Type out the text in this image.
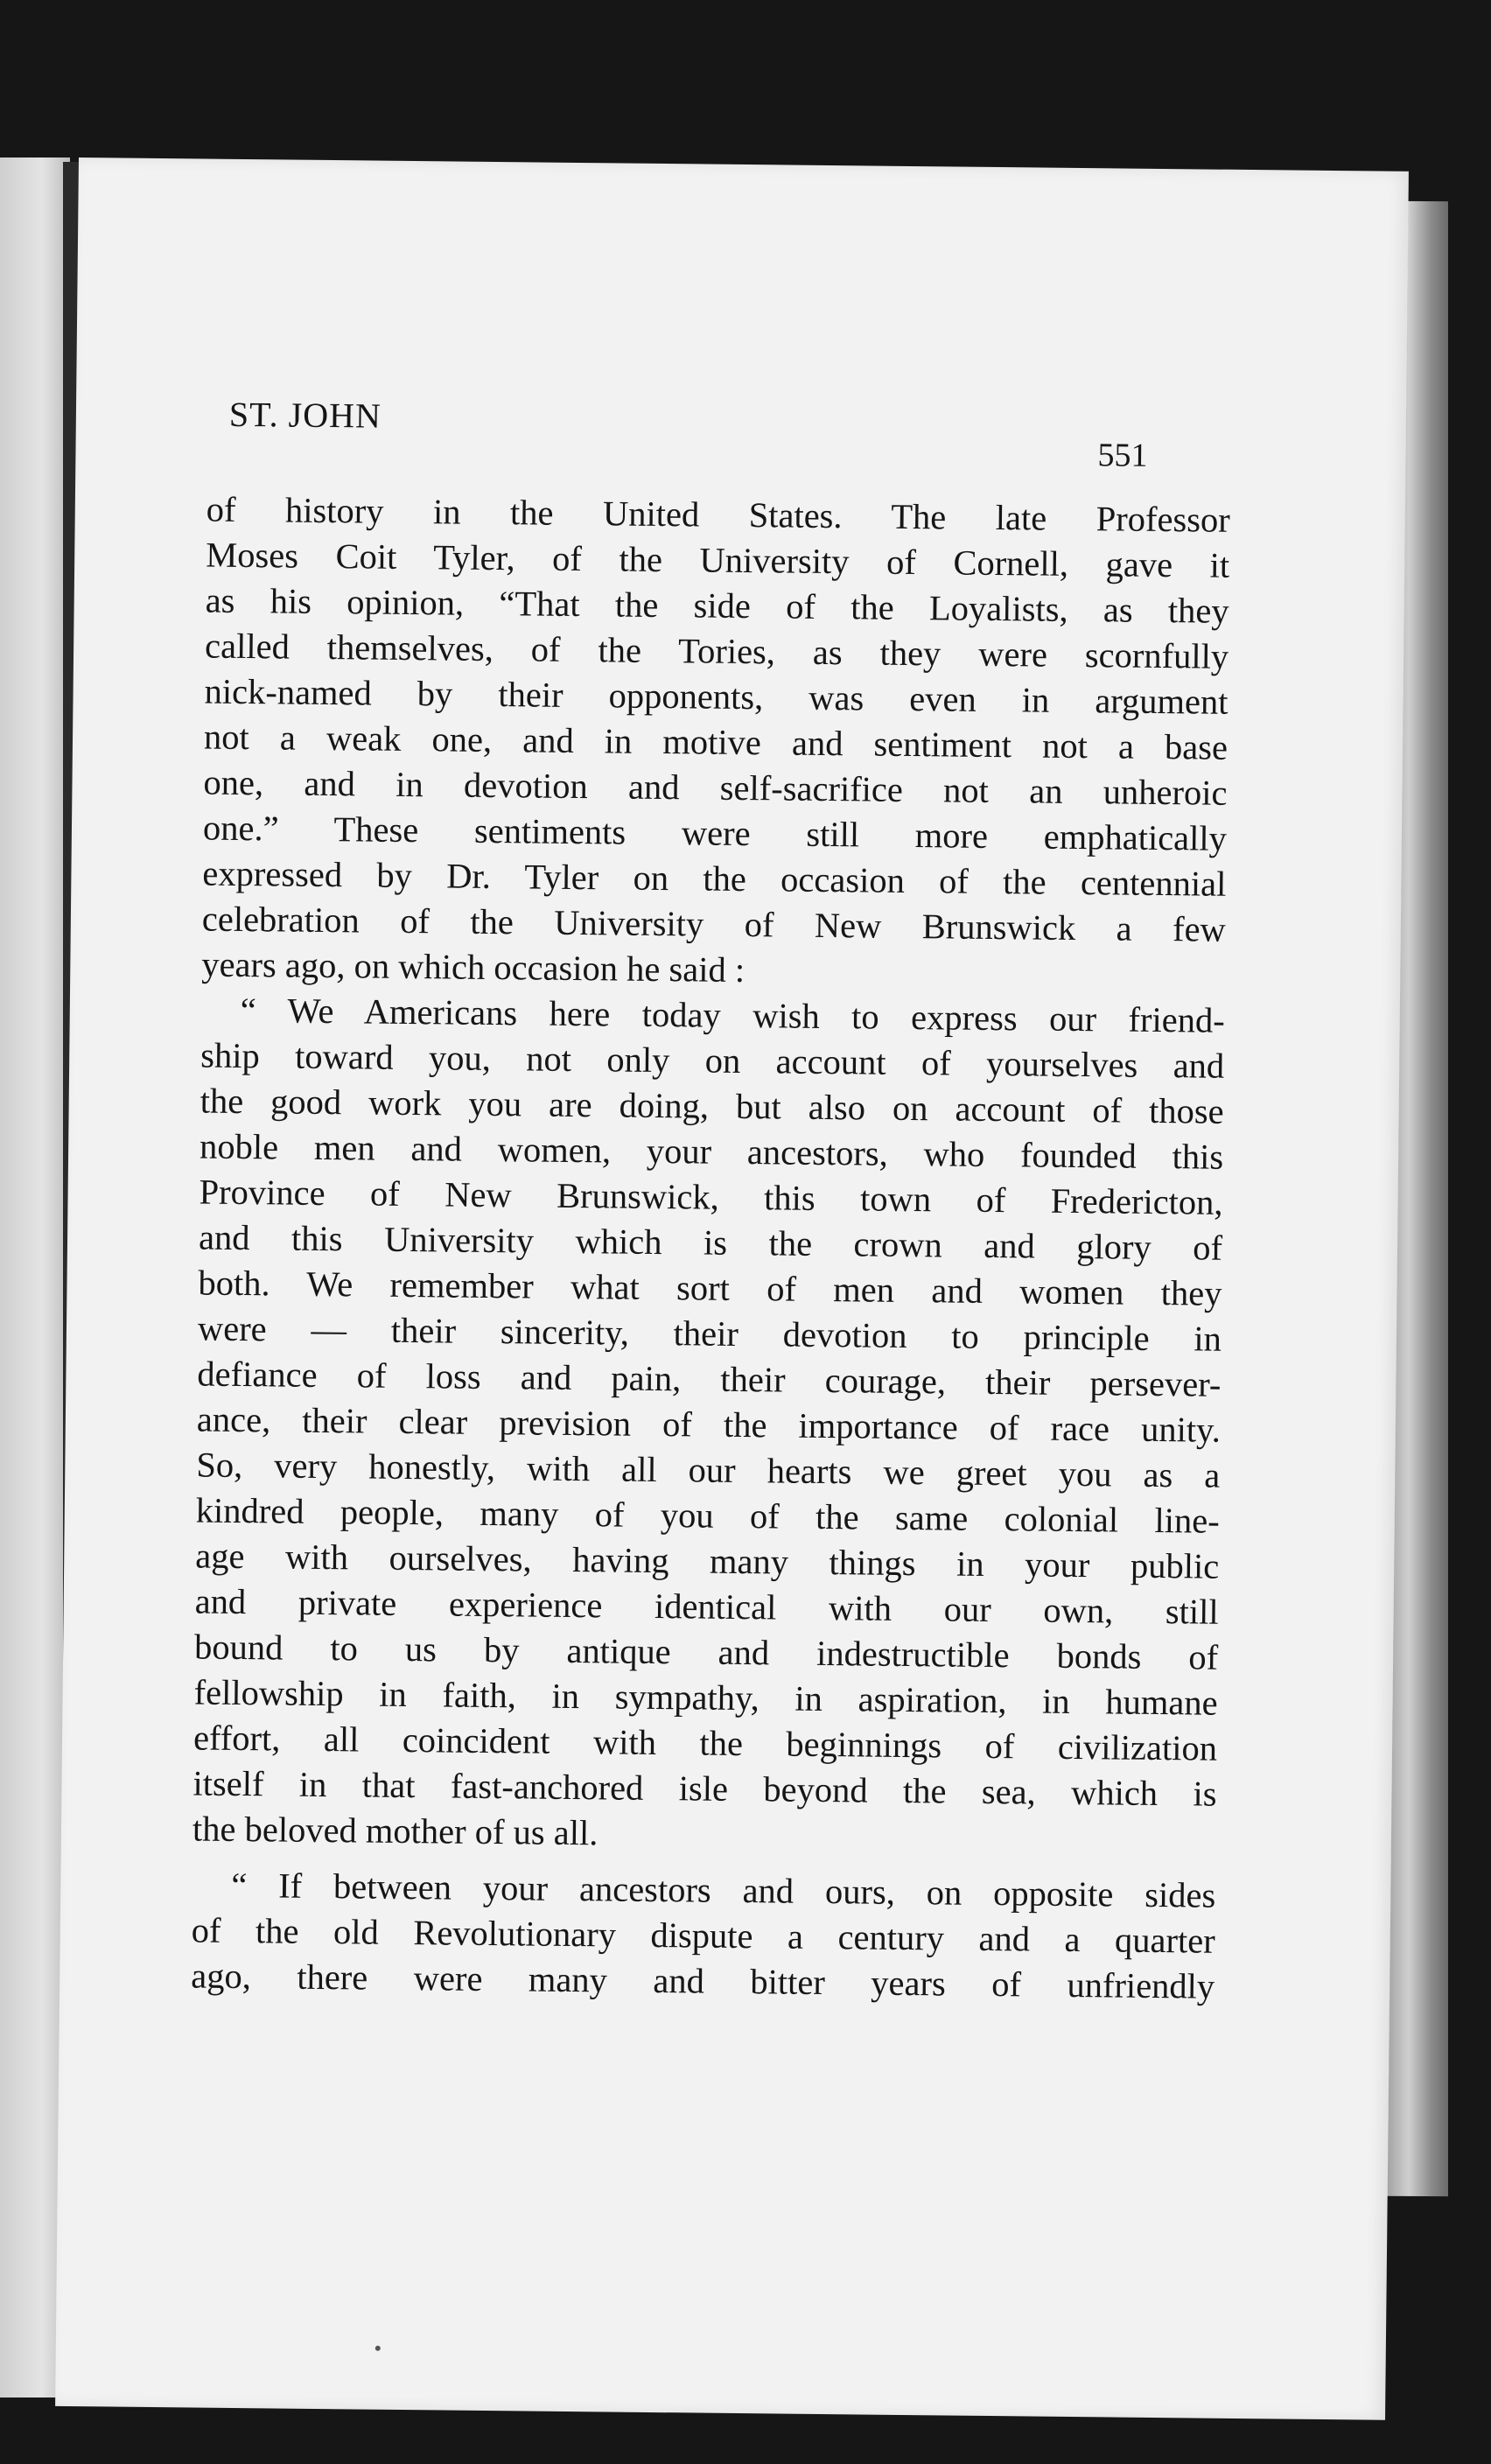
ST. JOHN
551
of history in the United States. The late Professor
Moses Coit Tyler, of the University of Cornell, gave it
as his opinion, “That the side of the Loyalists, as they
called themselves, of the Tories, as they were scornfully
nick-named by their opponents, was even in argument
not a weak one, and in motive and sentiment not a base
one, and in devotion and self-sacrifice not an unheroic
one.” These sentiments were still more emphatically
expressed by Dr. Tyler on the occasion of the centennial
celebration of the University of New Brunswick a few
years ago, on which occasion he said :
“ We Americans here today wish to express our friend-
ship toward you, not only on account of yourselves and
the good work you are doing, but also on account of those
noble men and women, your ancestors, who founded this
Province of New Brunswick, this town of Fredericton,
and this University which is the crown and glory of
both. We remember what sort of men and women they
were — their sincerity, their devotion to principle in
defiance of loss and pain, their courage, their persever-
ance, their clear prevision of the importance of race unity.
So, very honestly, with all our hearts we greet you as a
kindred people, many of you of the same colonial line-
age with ourselves, having many things in your public
and private experience identical with our own, still
bound to us by antique and indestructible bonds of
fellowship in faith, in sympathy, in aspiration, in humane
effort, all coincident with the beginnings of civilization
itself in that fast-anchored isle beyond the sea, which is
the beloved mother of us all.
“ If between your ancestors and ours, on opposite sides
of the old Revolutionary dispute a century and a quarter
ago, there were many and bitter years of unfriendly
